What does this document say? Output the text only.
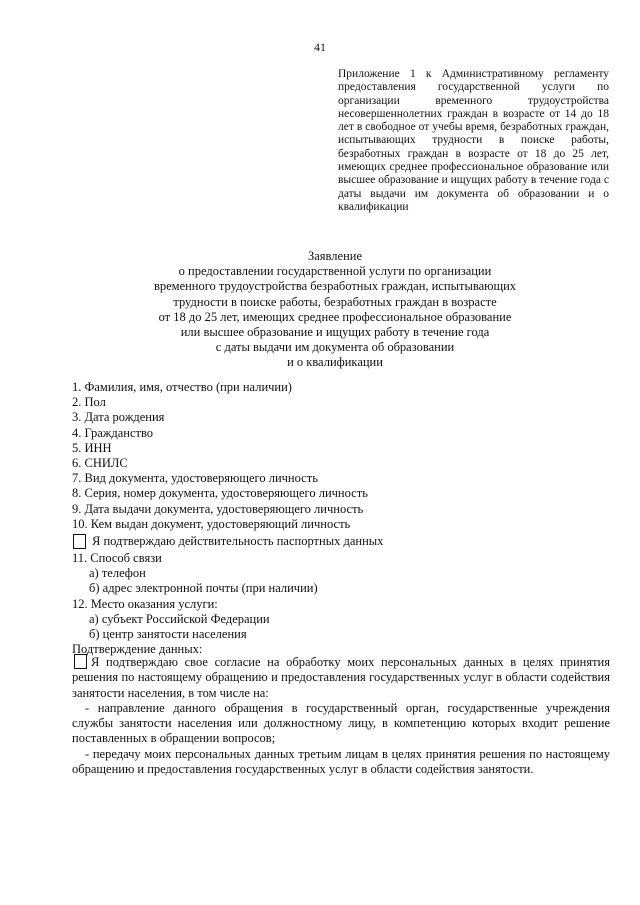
41
Приложение 1 к Административному регламенту предоставления государственной услуги по организации временного трудоустройства несовершеннолетних граждан в возрасте от 14 до 18 лет в свободное от учебы время, безработных граждан, испытывающих трудности в поиске работы, безработных граждан в возрасте от 18 до 25 лет, имеющих среднее профессиональное образование или высшее образование и ищущих работу в течение года с даты выдачи им документа об образовании и о квалификации
Заявление
о предоставлении государственной услуги по организации
временного трудоустройства безработных граждан, испытывающих
трудности в поиске работы, безработных граждан в возрасте
от 18 до 25 лет, имеющих среднее профессиональное образование
или высшее образование и ищущих работу в течение года
с даты выдачи им документа об образовании
и о квалификации
1. Фамилия, имя, отчество (при наличии)
2. Пол
3. Дата рождения
4. Гражданство
5. ИНН
6. СНИЛС
7. Вид документа, удостоверяющего личность
8. Серия, номер документа, удостоверяющего личность
9. Дата выдачи документа, удостоверяющего личность
10. Кем выдан документ, удостоверяющий личность
Я подтверждаю действительность паспортных данных
11. Способ связи
а) телефон
б) адрес электронной почты (при наличии)
12. Место оказания услуги:
а) субъект Российской Федерации
б) центр занятости населения
Подтверждение данных:

Я подтверждаю свое согласие на обработку моих персональных данных в целях принятия решения по настоящему обращению и предоставления государственных услуг в области содействия занятости населения, в том числе на:

- направление данного обращения в государственный орган, государственные учреждения службы занятости населения или должностному лицу, в компетенцию которых входит решение поставленных в обращении вопросов;

- передачу моих персональных данных третьим лицам в целях принятия решения по настоящему обращению и предоставления государственных услуг в области содействия занятости.
